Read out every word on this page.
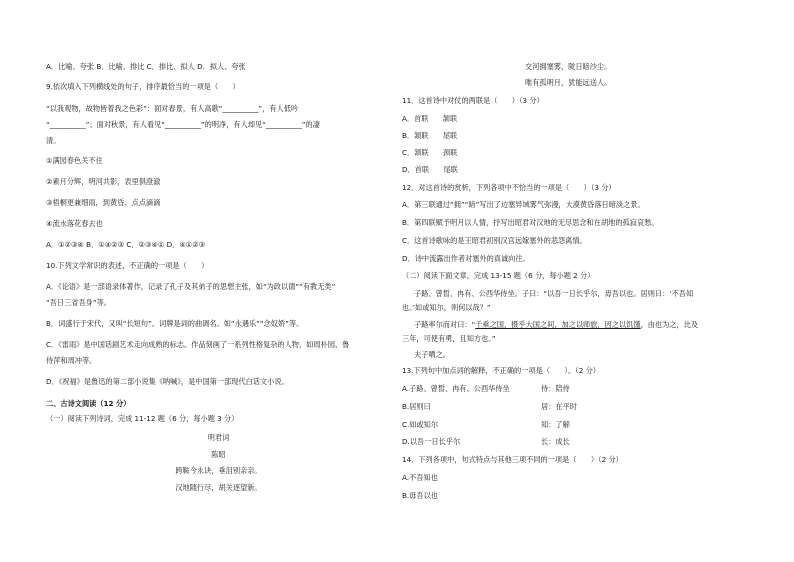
A．比喻、夸张 B．比喻、排比 C．排比、拟人 D．拟人、夸张
9.依次填入下列横线处的句子，排序最恰当的一项是（　　）
“以我观物，故物皆着我之色彩”：面对春景，有人高歌“__________”，有人低吟
“__________”；面对秋景，有人看见“__________”的明净，有人却见“__________”的凄
清。
①满园春色关不住
②素月分辉，明河共影，表里俱澄澈
③梧桐更兼细雨，到黄昏、点点滴滴
④流水落花春去也
A．①②③④ B．①④②③ C．②③④① D．④①②③
10.下列文学常识的表述，不正确的一项是（　　）
A．《论语》是一部语录体著作，记录了孔子及其弟子的思想主张，如“为政以德”“有教无类”
“吾日三省吾身”等。
B．词盛行于宋代，又叫“长短句”。词牌是词的曲调名。如“永遇乐”“念奴娇”等。
C．《雷雨》是中国话剧艺术走向成熟的标志。作品刻画了一系列性格复杂的人物，如周朴园、鲁
侍萍和周冲等。
D．《祝福》是鲁迅的第二部小说集《呐喊》，是中国第一部现代白话文小说。
二、古诗文阅读（12 分）
（一）阅读下列诗词，完成 11-12 题（6 分，每小题 3 分）
明君词
陈昭
跨鞍今永诀，垂泪别亲亲。
汉地随行尽，胡关逐望新。
交河拥塞雾，陇日暗沙尘。
唯有孤明月，犹能远送人。
11．这首诗中对仗的两联是（　　）（3 分）
A．首联　　颔联
B．颔联　　尾联
C．颔联　　颈联
D．首联　　尾联
12．对这首诗的赏析，下列各项中不恰当的一项是（　　）（3 分）
A．第三联通过“拥”“暗”写出了边塞异域雾气弥漫，大漠黄昏落日暗淡之景。
B．第四联赋予明月以人情，抒写出昭君对汉地的无尽思念和在胡地的孤寂哀愁。
C．这首诗歌咏的是王昭君初别汉宫远嫁塞外的悲怨离情。
D．诗中流露出作者对塞外的真诚向往。
（二）阅读下面文章，完成 13-15 题（6 分，每小题 2 分）
子路、曾皙、冉有、公西华侍坐。子曰：“以吾一日长乎尔，毋吾以也。居则曰：‘不吾知
也。’如或知尔，则何以哉？”
子路率尔而对曰：“千乘之国，摄乎大国之间，加之以师旅，因之以饥馑，由也为之，比及
三年，可使有勇，且知方也。”
夫子哂之。
13.下列句中加点词的解释，不正确的一项是（　　）。（2 分）
A.子路、曾皙、冉有、公西华侍坐	侍：陪侍
B.居则曰	居：在平时
C.如或知尔	知：了解
D.以吾一日长乎尔	长：成长
14．下列各项中，句式特点与其他三项不同的一项是（　　）（2 分）
A.不吾知也
B.毋吾以也
